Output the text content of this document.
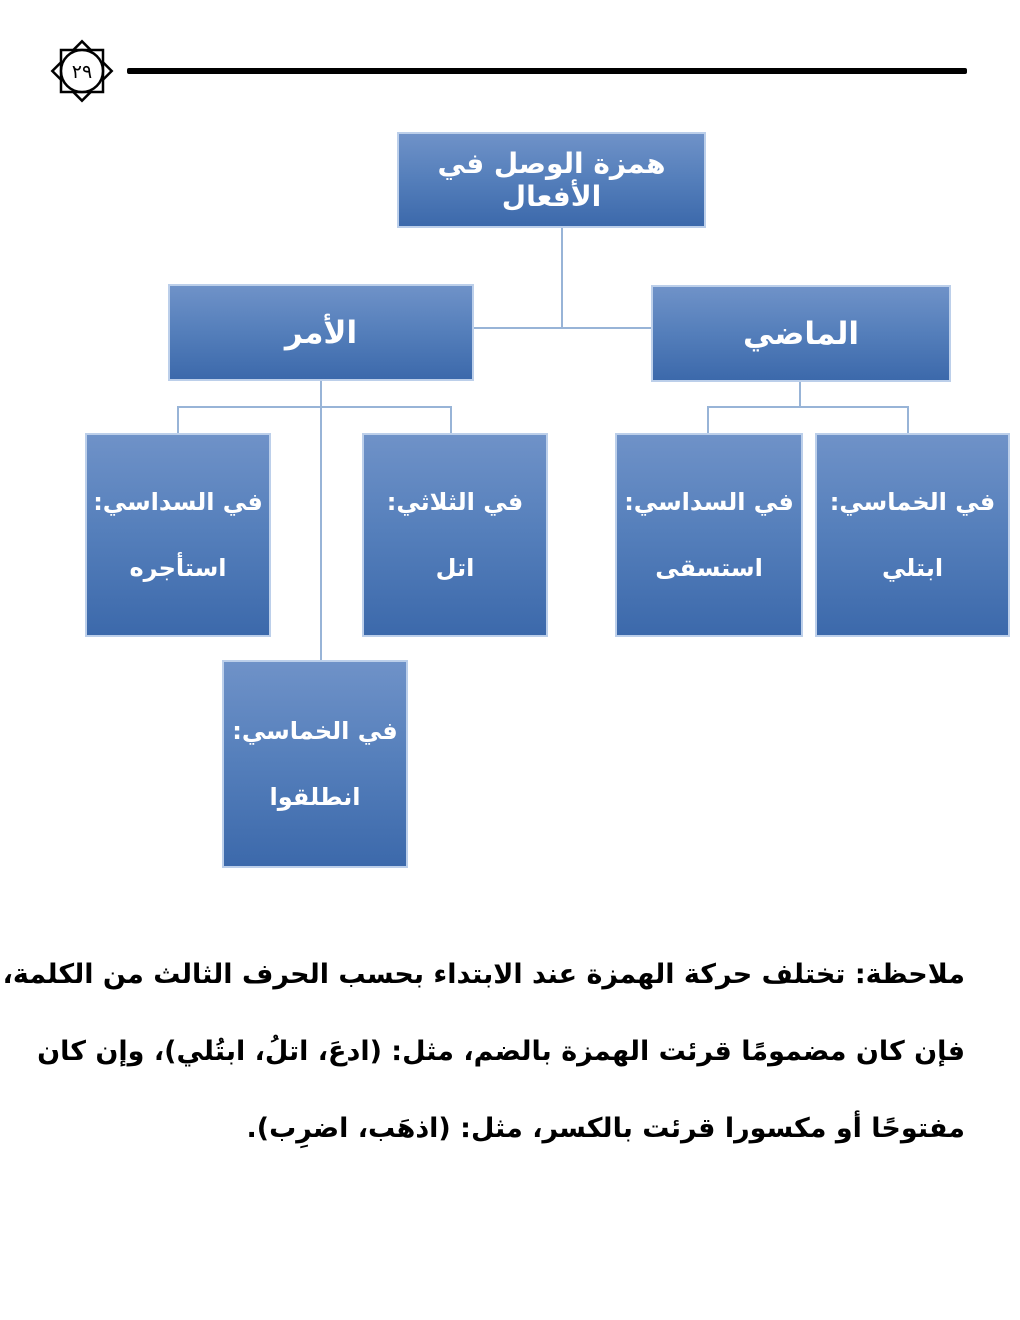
٢٩
همزة الوصل في الأفعال
الأمر	الماضي
في السداسي:
استأجره
في الثلاثي:
اتل
في السداسي:
استسقى
في الخماسي:
ابتلي
في الخماسي:
انطلقوا
ملاحظة: تختلف حركة الهمزة عند الابتداء بحسب الحرف الثالث من الكلمة،
فإن كان مضمومًا قرئت الهمزة بالضم، مثل: (ادعَ، اتلُ، ابتُلي)، وإن كان
مفتوحًا أو مكسورا قرئت بالكسر، مثل: (اذهَب، اضرِب).
